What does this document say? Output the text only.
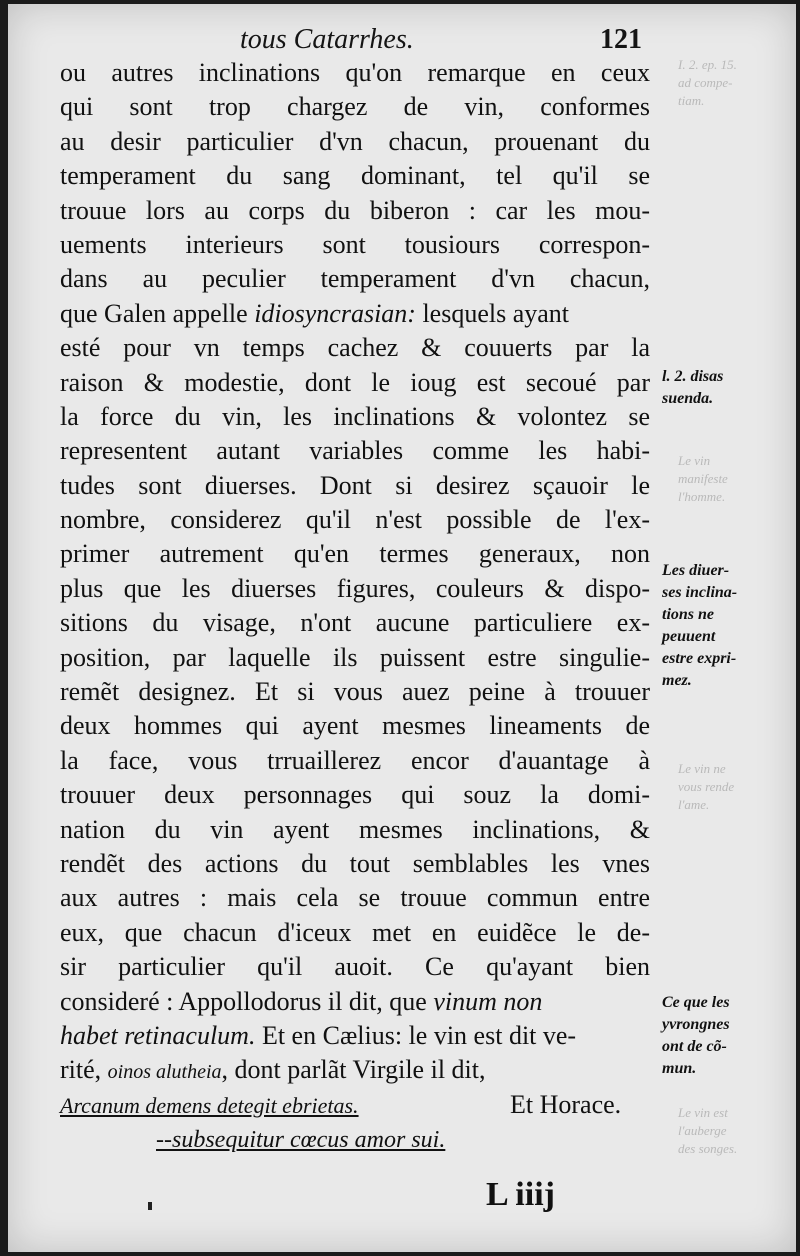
I. 2. ep. 15.
ad compe-
tiam.
Le vin
manifeste
l'homme.
Le vin ne
vous rende
l'ame.
Le vin est
l'auberge
des songes.
tous Catarrhes.	121
ou autres inclinations qu'on remarque en ceux
qui sont trop chargez de vin, conformes
au desir particulier d'vn chacun, prouenant du
temperament du sang dominant, tel qu'il se
trouue lors au corps du biberon : car les mou-
uements interieurs sont tousiours correspon-
dans au peculier temperament d'vn chacun,
que Galen appelle idiosyncrasian: lesquels ayant
esté pour vn temps cachez & couuerts par la
raison & modestie, dont le ioug est secoué par
la force du vin, les inclinations & volontez se
representent autant variables comme les habi-
tudes sont diuerses. Dont si desirez sçauoir le
nombre, considerez qu'il n'est possible de l'ex-
primer autrement qu'en termes generaux, non
plus que les diuerses figures, couleurs & dispo-
sitions du visage, n'ont aucune particuliere ex-
position, par laquelle ils puissent estre singulie-
remẽt designez. Et si vous auez peine à trouuer
deux hommes qui ayent mesmes lineaments de
la face, vous trruaillerez encor d'auantage à
trouuer deux personnages qui souz la domi-
nation du vin ayent mesmes inclinations, &
rendẽt des actions du tout semblables les vnes
aux autres : mais cela se trouue commun entre
eux, que chacun d'iceux met en euidẽce le de-
sir particulier qu'il auoit. Ce qu'ayant bien
consideré : Appollodorus il dit, que vinum non
habet retinaculum. Et en Cælius: le vin est dit ve-
rité, oinos alutheia, dont parlãt Virgile il dit,
Arcanum demens detegit ebrietas.	Et Horace.
--subsequitur cœcus amor sui.
l. 2. disas
suenda.
Les diuer-
ses inclina-
tions ne
peuuent
estre expri-
mez.
Ce que les
yvrongnes
ont de cõ-
mun.
L iiij
